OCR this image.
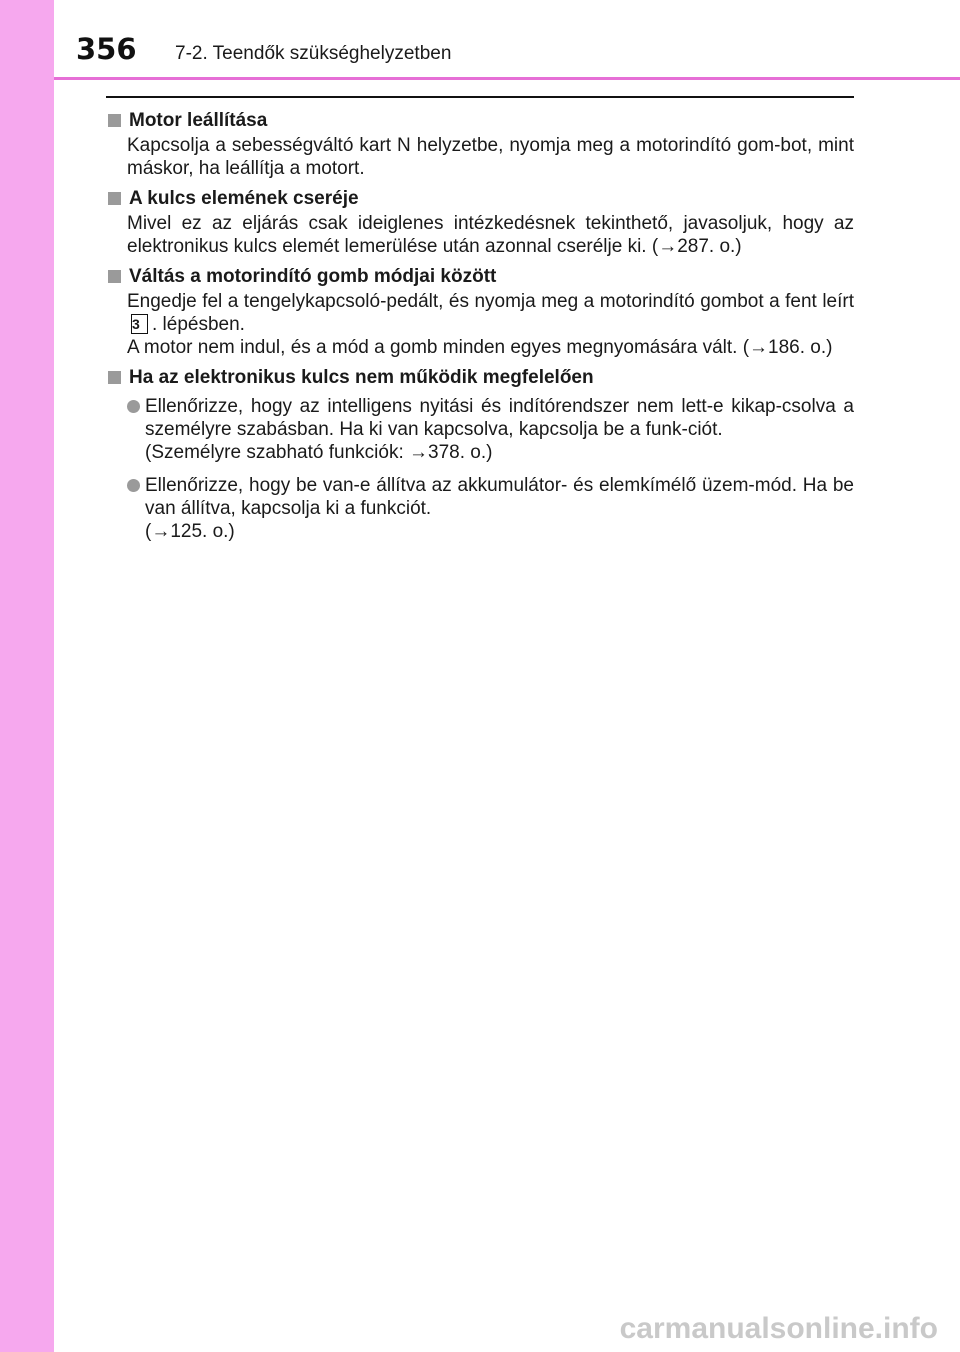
356 7-2. Teendők szükséghelyzetben
Motor leállítása

Kapcsolja a sebességváltó kart N helyzetbe, nyomja meg a motorindító gom-bot, mint máskor, ha leállítja a motort.

A kulcs elemének cseréje

Mivel ez az eljárás csak ideiglenes intézkedésnek tekinthető, javasoljuk, hogy az elektronikus kulcs elemét lemerülése után azonnal cserélje ki. (→287. o.)

Váltás a motorindító gomb módjai között

Engedje fel a tengelykapcsoló-pedált, és nyomja meg a motorindító gombot a fent leírt3 . lépésben.

A motor nem indul, és a mód a gomb minden egyes megnyomására vált. (→186. o.)

Ha az elektronikus kulcs nem működik megfelelően

Ellenőrizze, hogy az intelligens nyitási és indítórendszer nem lett-e kikap-csolva a személyre szabásban. Ha ki van kapcsolva, kapcsolja be a funk-ciót.

(Személyre szabható funkciók: →378. o.)

Ellenőrizze, hogy be van-e állítva az akkumulátor- és elemkímélő üzem-mód. Ha be van állítva, kapcsolja ki a funkciót.

(→125. o.)

carmanualsonline.info
